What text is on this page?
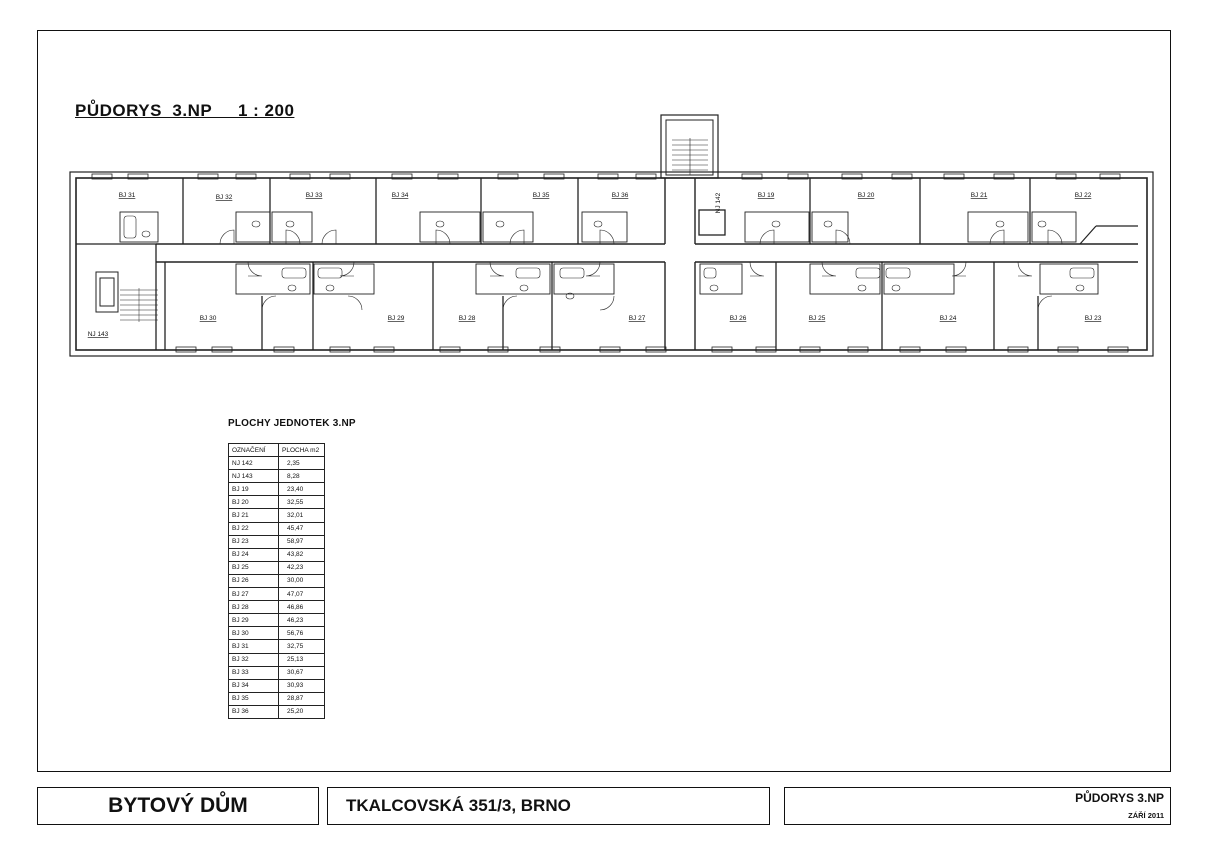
PŮDORYS  3.NP     1 : 200
BJ 31	BJ 32	BJ 33	BJ 34	BJ 35	BJ 36	BJ 19	BJ 20	BJ 21	BJ 22
NJ 143
BJ 30	BJ 29	BJ 28	BJ 27	BJ 26	BJ 25	BJ 24	BJ 23
NJ 142
PLOCHY JEDNOTEK 3.NP
OZNAČENÍ	PLOCHA m2
NJ 142	2,35
NJ 143	8,28
BJ 19	23,40
BJ 20	32,55
BJ 21	32,01
BJ 22	45,47
BJ 23	58,97
BJ 24	43,82
BJ 25	42,23
BJ 26	30,00
BJ 27	47,07
BJ 28	46,86
BJ 29	46,23
BJ 30	56,76
BJ 31	32,75
BJ 32	25,13
BJ 33	30,67
BJ 34	30,93
BJ 35	28,87
BJ 36	25,20
BYTOVÝ DŮM	TKALCOVSKÁ 351/3, BRNO	PŮDORYS 3.NP
ZÁŘÍ 2011
